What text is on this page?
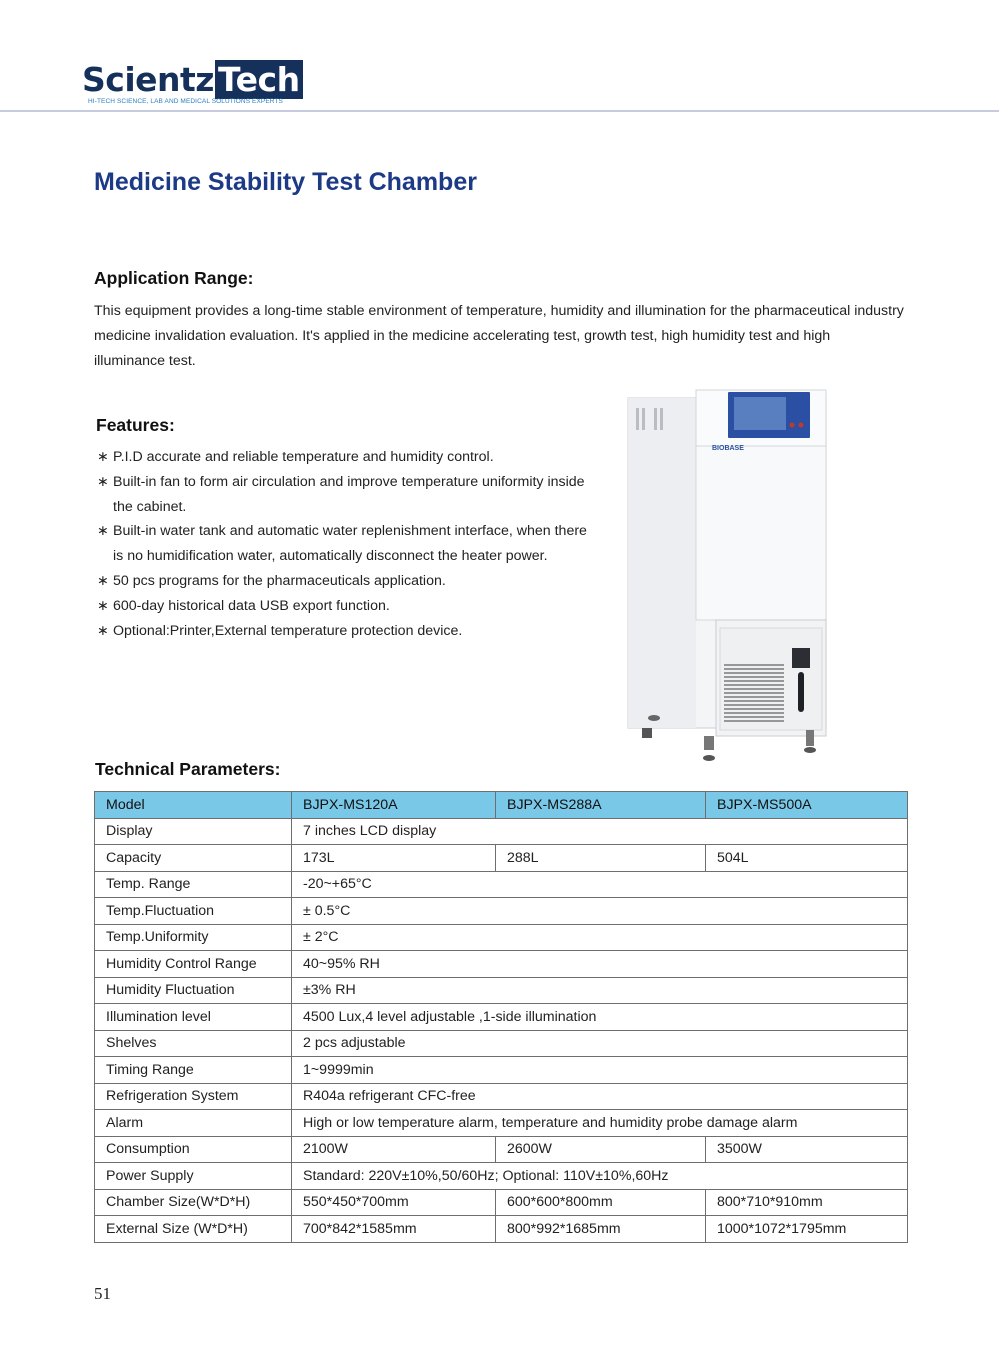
Scientz Tech
HI-TECH SCIENCE, LAB AND MEDICAL SOLUTIONS EXPERTS
Medicine Stability Test Chamber
Application Range:

This equipment provides a long-time stable environment of temperature, humidity and illumination for the pharmaceutical industry medicine invalidation evaluation. It's applied in the medicine accelerating test, growth test, high humidity test and high illuminance test.

Features:
∗ P.I.D accurate and reliable temperature and humidity control.
∗ Built-in fan to form air circulation and improve temperature uniformity inside the cabinet.
∗ Built-in water tank and automatic water replenishment interface, when there is no humidification water, automatically disconnect the heater power.
∗ 50 pcs programs for the pharmaceuticals application.
∗ 600-day historical data USB export function.
∗ Optional:Printer,External temperature protection device.
BIOBASE
Technical Parameters:
Model	BJPX-MS120A	BJPX-MS288A	BJPX-MS500A
Display	7 inches LCD display		
Capacity	173L	288L	504L
Temp. Range	-20~+65°C		
Temp.Fluctuation	± 0.5°C		
Temp.Uniformity	± 2°C		
Humidity Control Range	40~95% RH		
Humidity Fluctuation	±3% RH		
Illumination level	4500 Lux,4 level adjustable ,1-side illumination		
Shelves	2 pcs adjustable		
Timing Range	1~9999min		
Refrigeration System	R404a refrigerant CFC-free		
Alarm	High or low temperature alarm, temperature and humidity probe damage alarm		
Consumption	2100W	2600W	3500W
Power Supply	Standard: 220V±10%,50/60Hz; Optional: 110V±10%,60Hz		
Chamber Size(W*D*H)	550*450*700mm	600*600*800mm	800*710*910mm
External Size (W*D*H)	700*842*1585mm	800*992*1685mm	1000*1072*1795mm
51
